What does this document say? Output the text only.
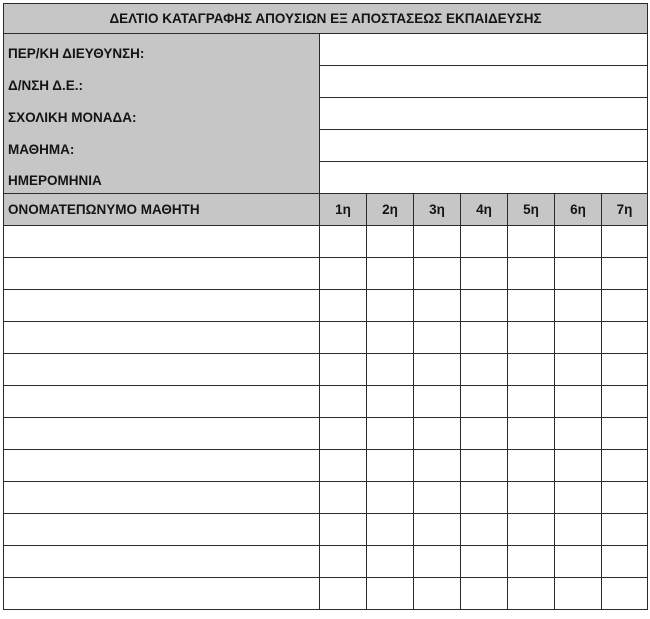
ΔΕΛΤΙΟ ΚΑΤΑΓΡΑΦΗΣ ΑΠΟΥΣΙΩΝ ΕΞ ΑΠΟΣΤΑΣΕΩΣ ΕΚΠΑΙΔΕΥΣΗΣ							
ΠΕΡ/ΚΗ ΔΙΕΥΘΥΝΣΗ:							
Δ/ΝΣΗ Δ.Ε.:							
ΣΧΟΛΙΚΗ ΜΟΝΑΔΑ:							
ΜΑΘΗΜΑ:							
ΗΜΕΡΟΜΗΝΙΑ							
ΟΝΟΜΑΤΕΠΩΝΥΜΟ ΜΑΘΗΤΗ	1η	2η	3η	4η	5η	6η	7η
